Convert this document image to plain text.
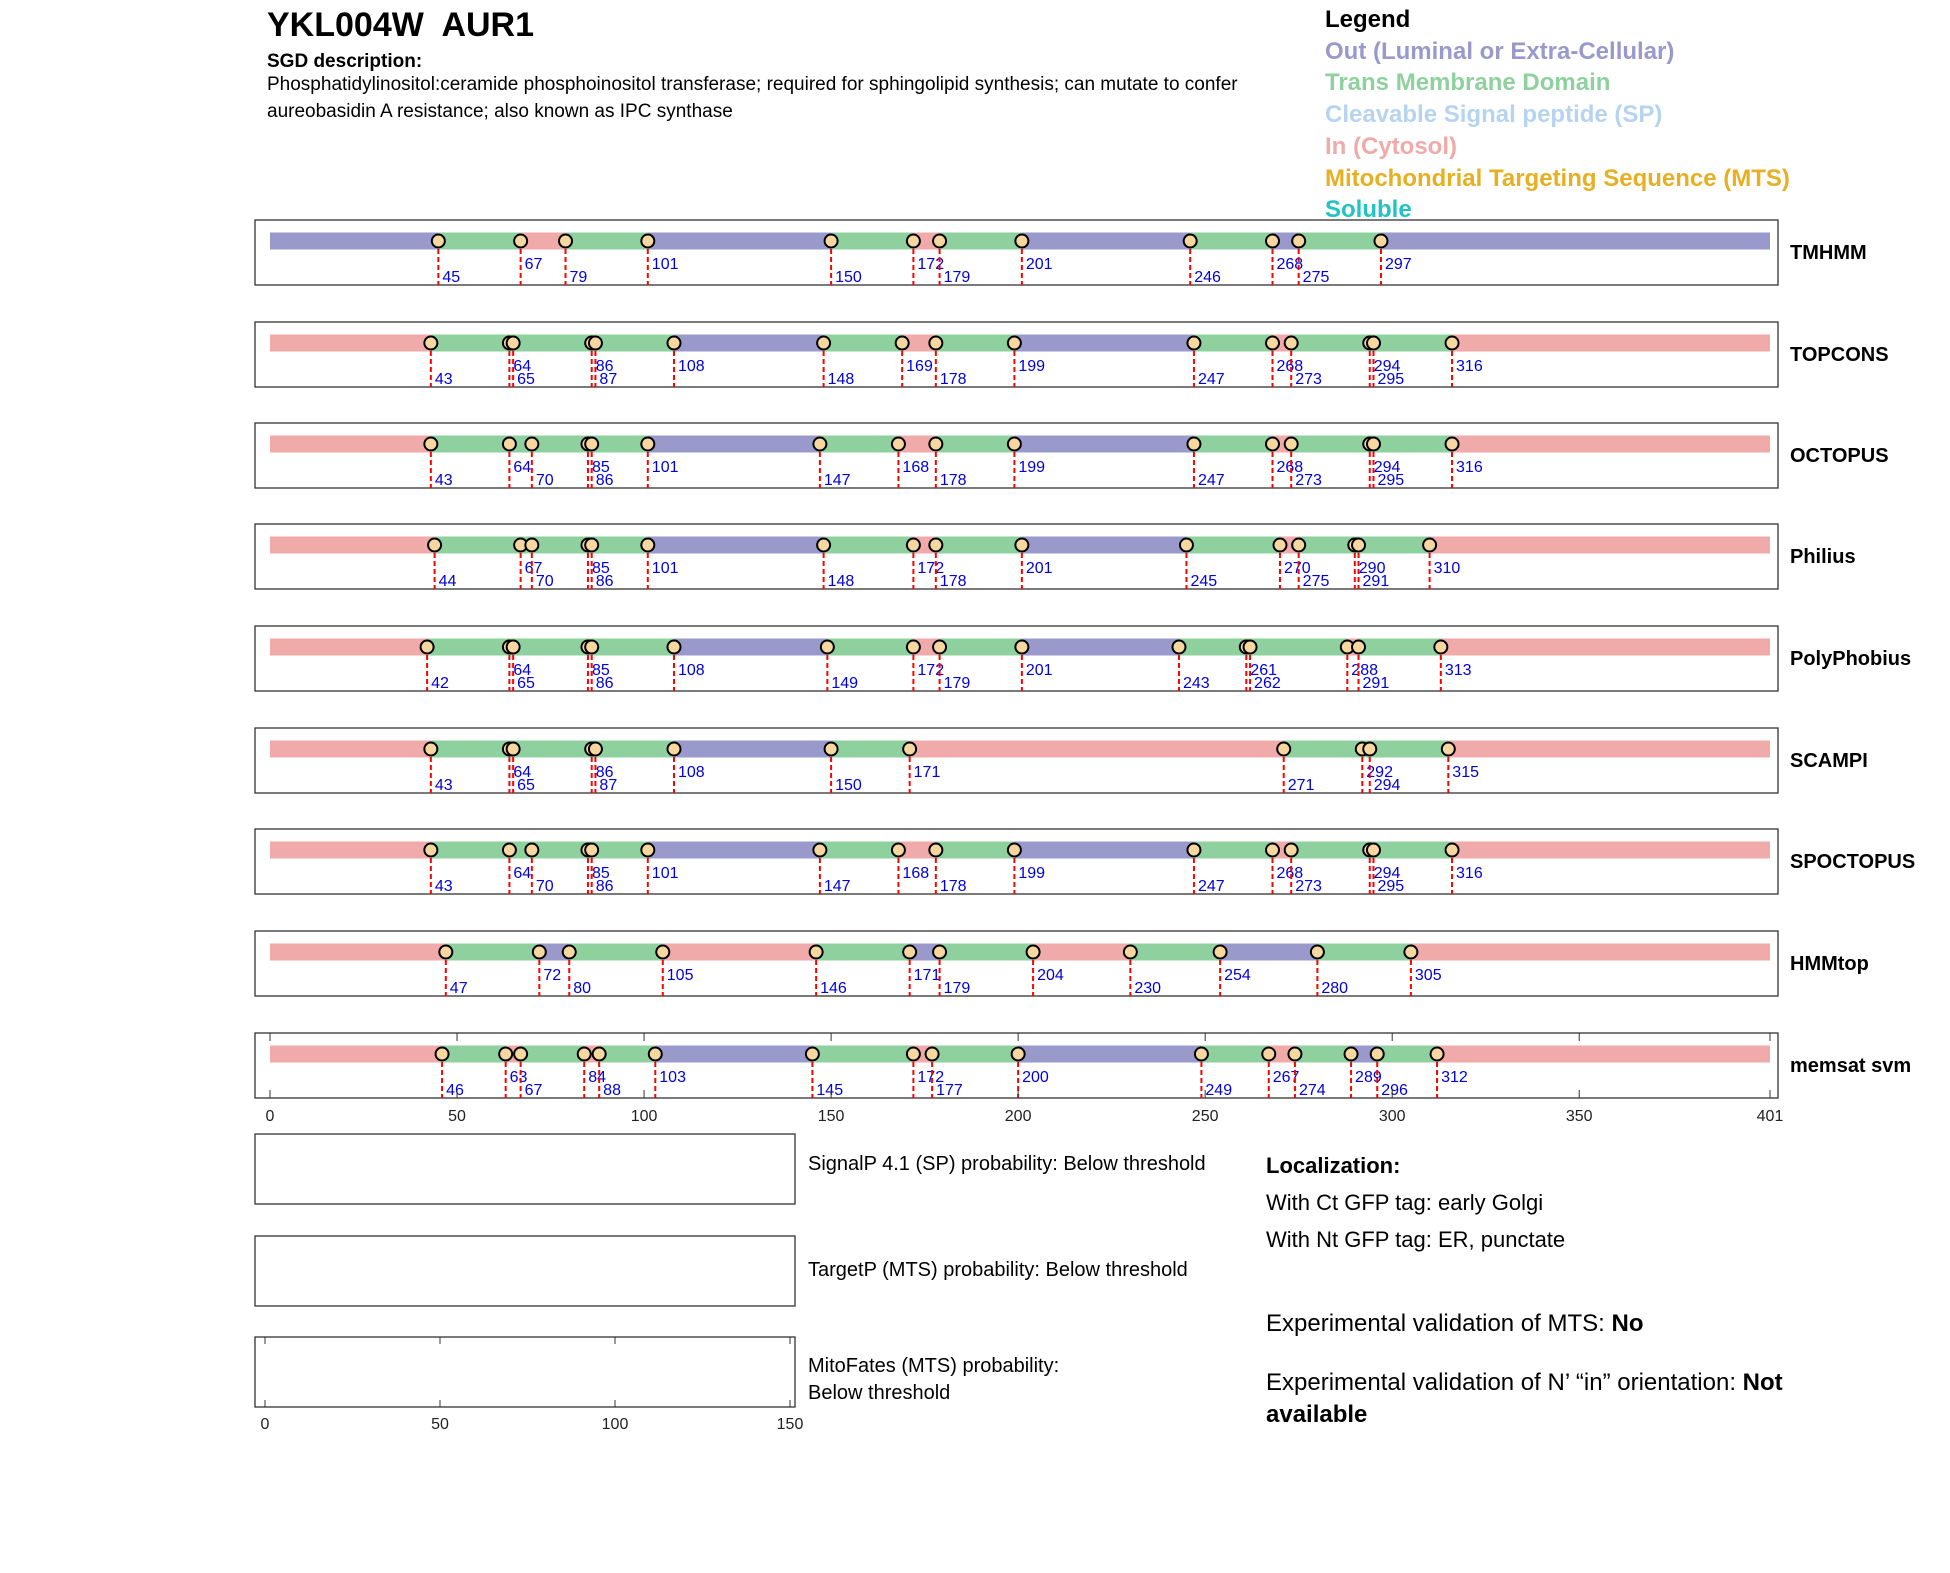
YKL004W  AUR1
SGD description:
Phosphatidylinositol:ceramide phosphoinositol transferase; required for sphingolipid synthesis; can mutate to confer aureobasidin A resistance; also known as IPC synthase
Legend
Out (Luminal or Extra-Cellular)
Trans Membrane Domain
Cleavable Signal peptide (SP)
In (Cytosol)
Mitochondrial Targeting Sequence (MTS)
Soluble
45
67
79
101
150
172
179
201
246
268
275
297
TMHMM
43
64
65
86
87
108
148
169
178
199
247
268
273
294
295
316
TOPCONS
43
64
70
85
86
101
147
168
178
199
247
268
273
294
295
316
OCTOPUS
44
67
70
85
86
101
148
172
178
201
245
270
275
290
291
310
Philius
42
64
65
85
86
108
149
172
179
201
243
261
262
288
291
313
PolyPhobius
43
64
65
86
87
108
150
171
271
292
294
315
SCAMPI
43
64
70
85
86
101
147
168
178
199
247
268
273
294
295
316
SPOCTOPUS
47
72
80
105
146
171
179
204
230
254
280
305
HMMtop
46
63
67
84
88
103
145
172
177
200
249
267
274
289
296
312
memsat svm
0	50	100	150	200	250	300	350	401
0	50	100	150
SignalP 4.1 (SP) probability: Below threshold
TargetP (MTS) probability: Below threshold
MitoFates (MTS) probability: Below threshold
Localization:
With Ct GFP tag: early Golgi
With Nt GFP tag: ER, punctate
Experimental validation of MTS: No
Experimental validation of N’ “in” orientation: Not available
